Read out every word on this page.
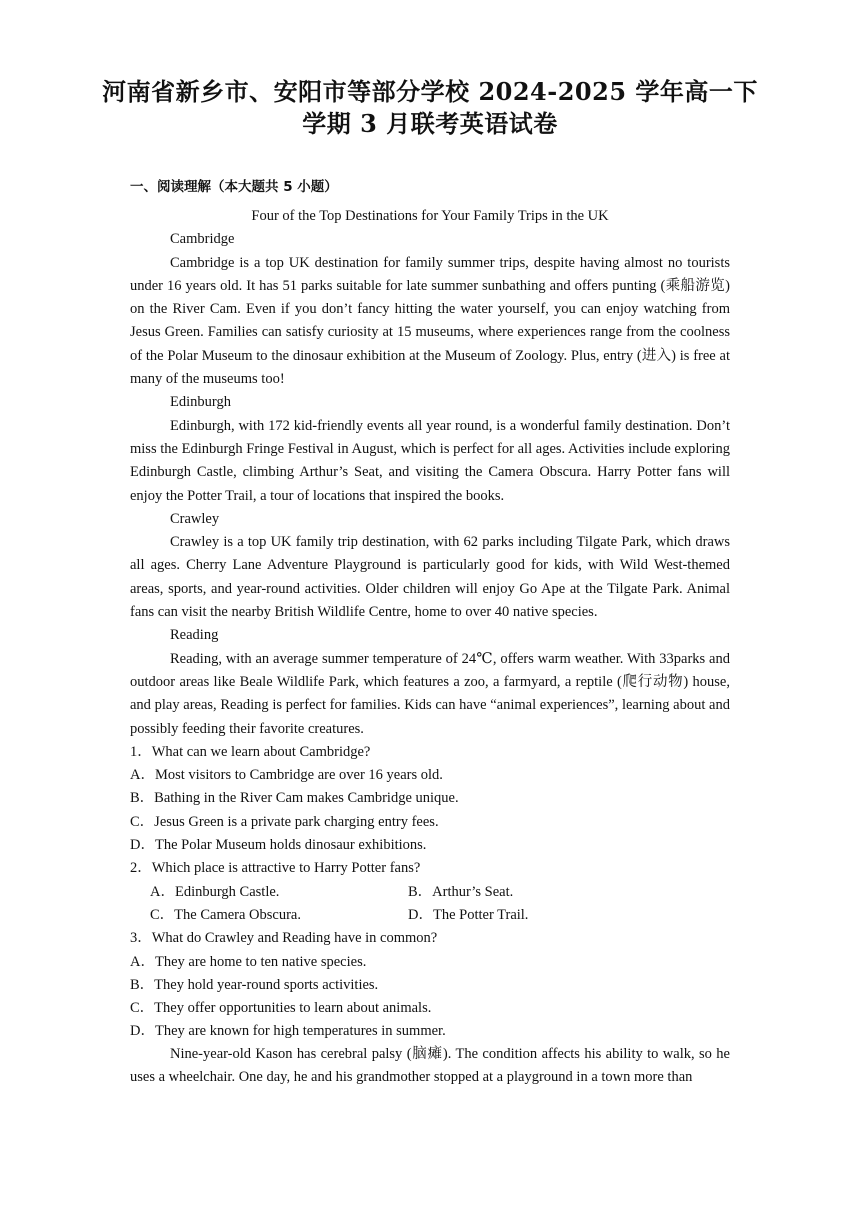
河南省新乡市、安阳市等部分学校 2024-2025 学年高一下
学期 3 月联考英语试卷
一、阅读理解（本大题共 5 小题）

Four of the Top Destinations for Your Family Trips in the UK

Cambridge

Cambridge is a top UK destination for family summer trips, despite having almost no tourists under 16 years old. It has 51 parks suitable for late summer sunbathing and offers punting (乘船游览) on the River Cam. Even if you don’t fancy hitting the water yourself, you can enjoy watching from Jesus Green. Families can satisfy curiosity at 15 museums, where experiences range from the coolness of the Polar Museum to the dinosaur exhibition at the Museum of Zoology. Plus, entry (进入) is free at many of the museums too!

Edinburgh

Edinburgh, with 172 kid-friendly events all year round, is a wonderful family destination. Don’t miss the Edinburgh Fringe Festival in August, which is perfect for all ages. Activities include exploring Edinburgh Castle, climbing Arthur’s Seat, and visiting the Camera Obscura. Harry Potter fans will enjoy the Potter Trail, a tour of locations that inspired the books.

Crawley

Crawley is a top UK family trip destination, with 62 parks including Tilgate Park, which draws all ages. Cherry Lane Adventure Playground is particularly good for kids, with Wild West-themed areas, sports, and year-round activities. Older children will enjoy Go Ape at the Tilgate Park. Animal fans can visit the nearby British Wildlife Centre, home to over 40 native species.

Reading

Reading, with an average summer temperature of 24℃, offers warm weather. With 33parks and outdoor areas like Beale Wildlife Park, which features a zoo, a farmyard, a reptile (爬行动物) house, and play areas, Reading is perfect for families. Kids can have “animal experiences”, learning about and possibly feeding their favorite creatures.

1．What can we learn about Cambridge?

A．Most visitors to Cambridge are over 16 years old.

B．Bathing in the River Cam makes Cambridge unique.

C．Jesus Green is a private park charging entry fees.

D．The Polar Museum holds dinosaur exhibitions.

2．Which place is attractive to Harry Potter fans?

A．Edinburgh Castle.	B．Arthur’s Seat.
C．The Camera Obscura.	D．The Potter Trail.

3．What do Crawley and Reading have in common?

A．They are home to ten native species.

B．They hold year-round sports activities.

C．They offer opportunities to learn about animals.

D．They are known for high temperatures in summer.

Nine-year-old Kason has cerebral palsy (脑瘫). The condition affects his ability to walk, so he uses a wheelchair. One day, he and his grandmother stopped at a playground in a town more than
